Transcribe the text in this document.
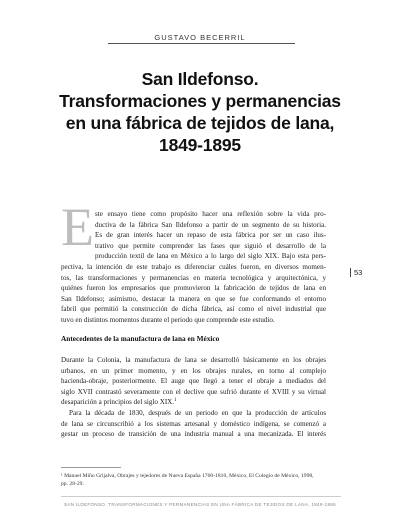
GUSTAVO BECERRIL
San Ildefonso.
Transformaciones y permanencias
en una fábrica de tejidos de lana,
1849-1895
E ste ensayo tiene como propósito hacer una reflexión sobre la vida pro-
ductiva de la fábrica San Ildefonso a partir de un segmento de su historia.
Es de gran interés hacer un repaso de esta fábrica por ser un caso ilus-
trativo que permite comprender las fases que siguió el desarrollo de la
producción textil de lana en México a lo largo del siglo XIX. Bajo esta pers-
pectiva, la intención de este trabajo es diferenciar cuáles fueron, en diversos momen-
tos, las transformaciones y permanencias en materia tecnológica y arquitectónica, y
quiénes fueron los empresarios que promovieron la fabricación de tejidos de lana en
San Ildefonso; asimismo, destacar la manera en que se fue conformando el entorno
fabril que permitió la construcción de dicha fábrica, así como el nivel industrial que
tuvo en distintos momentos durante el periodo que comprende este estudio.
53
Antecedentes de la manufactura de lana en México
Durante la Colonia, la manufactura de lana se desarrolló básicamente en los obrajes
urbanos, en un primer momento, y en los obrajes rurales, en torno al complejo
hacienda-obraje, posteriormente. El auge que llegó a tener el obraje a mediados del
siglo XVII contrastó severamente con el declive que sufrió durante el XVIII y su virtual
desaparición a principios del siglo XIX.$^1$
Para la década de 1830, después de un periodo en que la producción de artículos
de lana se circunscribió a los sistemas artesanal y doméstico indígena, se comenzó a
gestar un proceso de transición de una industria manual a una mecanizada. El interés
¹ Manuel Miño Grijalva, Obrajes y tejedores de Nueva España 1700-1810, México, El Colegio de México, 1998,
pp. 28-29.
SAN ILDEFONSO. TRANSFORMACIONES Y PERMANENCIAS EN UNA FÁBRICA DE TEJIDOS DE LANA, 1849-1895
